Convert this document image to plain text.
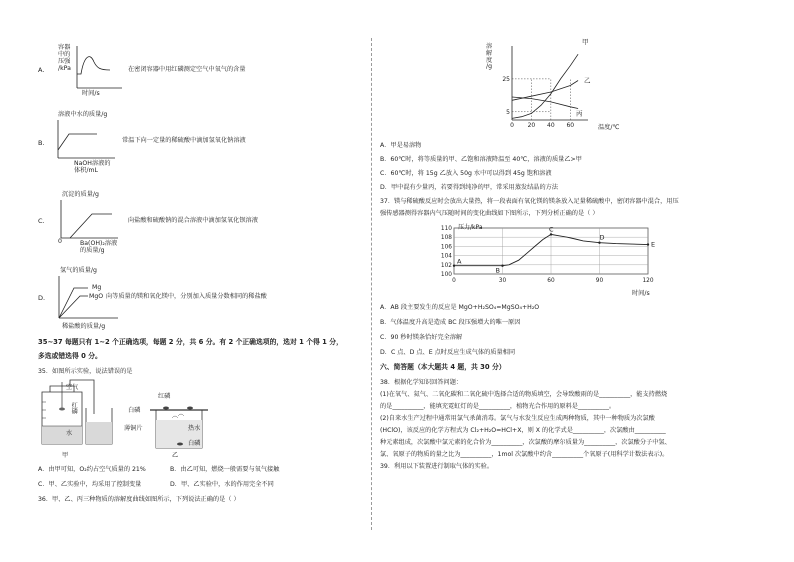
A.
容器
中的
压强
/kPa
时间/s
在密闭容器中用红磷测定空气中氧气的含量
溶液中水的质量/g
B.
NaOH溶液的
体积/mL
常温下向一定量的稀硫酸中滴加氢氧化钠溶液
沉淀的质量/g
C.
0	Ba(OH)₂溶液
的质量/g
向盐酸和硫酸钠的混合溶液中滴加氢氧化钡溶液
氢气的质量/g
Mg
MgO
D.	向等质量的镁和氧化镁中，分别加入质量分数相同的稀盐酸
稀盐酸的质量/g
35~37 每题只有 1~2 个正确选项，每题 2 分，共 6 分。有 2 个正确选项的，选对 1 个得 1 分，
多选或错选得 0 分。
35．如图所示实验，说法错误的是
空气
红磷
水
甲
红磷
白磷
薄铜片	热水
白磷
乙
A．由甲可知，O₂约占空气质量的 21%	B．由乙可知，燃烧一般需要与氧气接触
C．甲、乙实验中，均采用了控制变量	D．甲、乙实验中，水的作用完全不同
36．甲、乙、丙三种物质的溶解度曲线如图所示，下列说法正确的是（ ）
溶
解
度
/g
5
25
0 20 40 60
甲
乙
丙
温度/℃
A．甲是易溶物
B．60℃时，将等质量的甲、乙饱和溶液降温至 40℃，溶液的质量乙>甲
C．60℃时，将 15g 乙放入 50g 水中可以得到 45g 饱和溶液
D．甲中混有少量丙，若要得到纯净的甲，常采用蒸发结晶的方法
37．镁与稀硫酸反应时会放出大量热，将一段表面有氧化镁的镁条放入足量稀硫酸中，密闭容器中混合，用压
强传感器测得容器内气压随时间的变化曲线如下图所示，下列分析正确的是（ ）
100
102
104
106
108
110
0	30	60	90	120
压力/kPa
A
B
C
D
E
时间/s
A．AB 段主要发生的反应是 MgO+H₂SO₄=MgSO₄+H₂O
B．气体温度升高是造成 BC 段压强增大的唯一原因
C．90 秒时镁条恰好完全溶解
D．C 点、D 点、E 点时反应生成气体的质量相同
六、简答题（本大题共 4 题，共 30 分）
38．根据化学知识回答问题：
(1)在氧气、氦气、二氧化碳和二氧化硫中选择合适的物质填空，会导致酸雨的是__________，能支持燃烧
的是__________，能填充霓虹灯的是__________，植物光合作用的原料是__________。
(2)自来水生产过程中通常用氯气杀菌消毒。氯气与水发生反应生成两种物质，其中一种物质为次氯酸
(HClO)，该反应的化学方程式为 Cl₂+H₂O=HCl+X，则 X 的化学式是__________，次氯酸由__________
种元素组成，次氯酸中氯元素的化合价为__________，次氯酸的摩尔质量为__________，次氯酸分子中氢、
氯、氧原子的物质的量之比为__________，1mol 次氯酸中约含__________个氧原子(用科学计数法表示)。
39．利用以下装置进行制取气体的实验。
